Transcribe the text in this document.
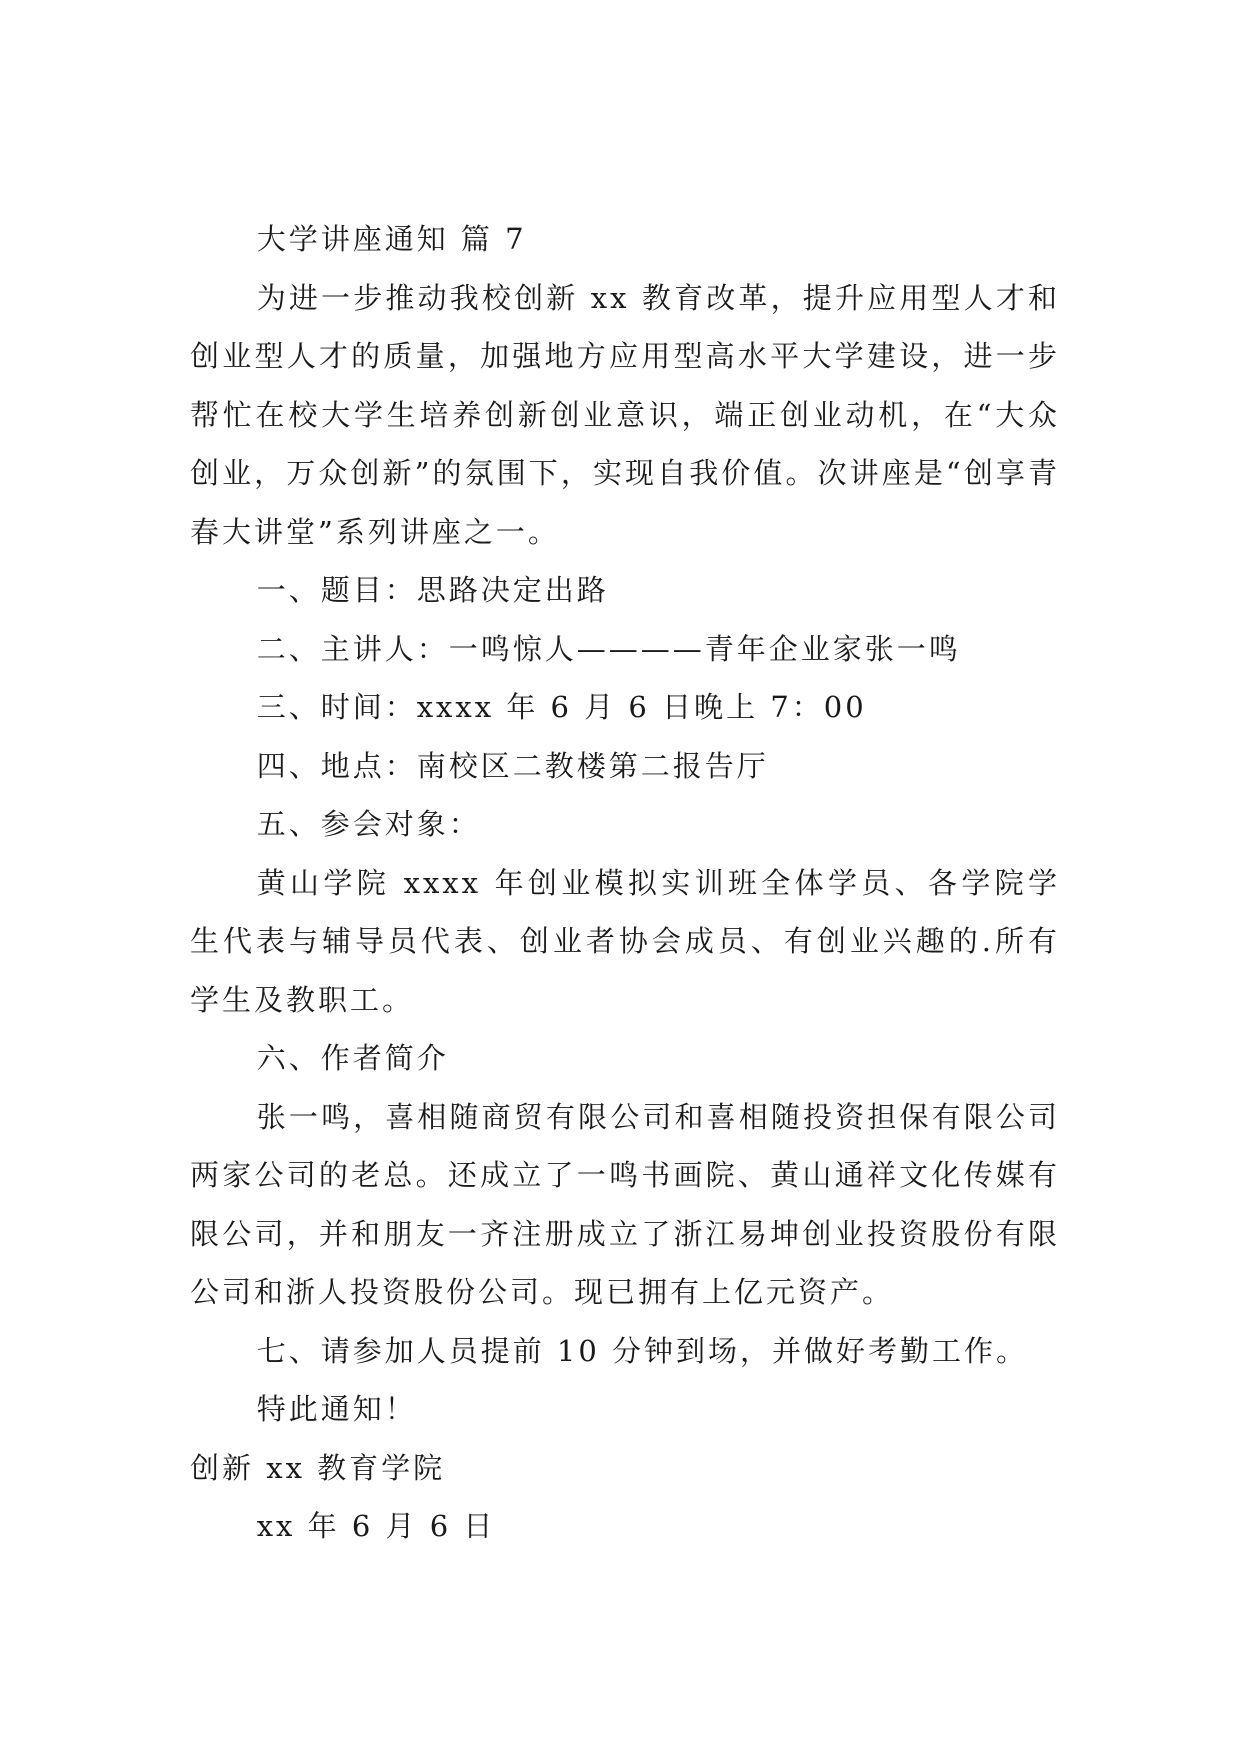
大学讲座通知 篇 7

为进一步推动我校创新 xx 教育改革，提升应用型人才和创业型人才的质量，加强地方应用型高水平大学建设，进一步帮忙在校大学生培养创新创业意识，端正创业动机，在“大众创业，万众创新”的氛围下，实现自我价值。次讲座是“创享青春大讲堂”系列讲座之一。

一、题目：思路决定出路

二、主讲人：一鸣惊人————青年企业家张一鸣

三、时间：xxxx 年 6 月 6 日晚上 7：00

四、地点：南校区二教楼第二报告厅

五、参会对象：

黄山学院 xxxx 年创业模拟实训班全体学员、各学院学生代表与辅导员代表、创业者协会成员、有创业兴趣的.所有学生及教职工。

六、作者简介

张一鸣，喜相随商贸有限公司和喜相随投资担保有限公司两家公司的老总。还成立了一鸣书画院、黄山通祥文化传媒有限公司，并和朋友一齐注册成立了浙江易坤创业投资股份有限公司和浙人投资股份公司。现已拥有上亿元资产。

七、请参加人员提前 10 分钟到场，并做好考勤工作。

特此通知！

创新 xx 教育学院

xx 年 6 月 6 日
